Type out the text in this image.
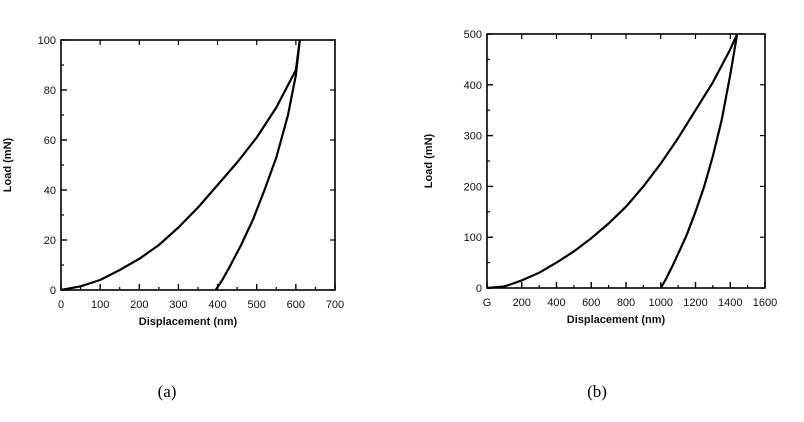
0 100 200 300 400 500 600 700
0
20
40
60
80
100
Displacement (nm)
Load (mN)
(a)
G 200 400 600 800 1000 1200 1400 1600
0
100
200
300
400
500
Displacement (nm)
Load (mN)
(b)
